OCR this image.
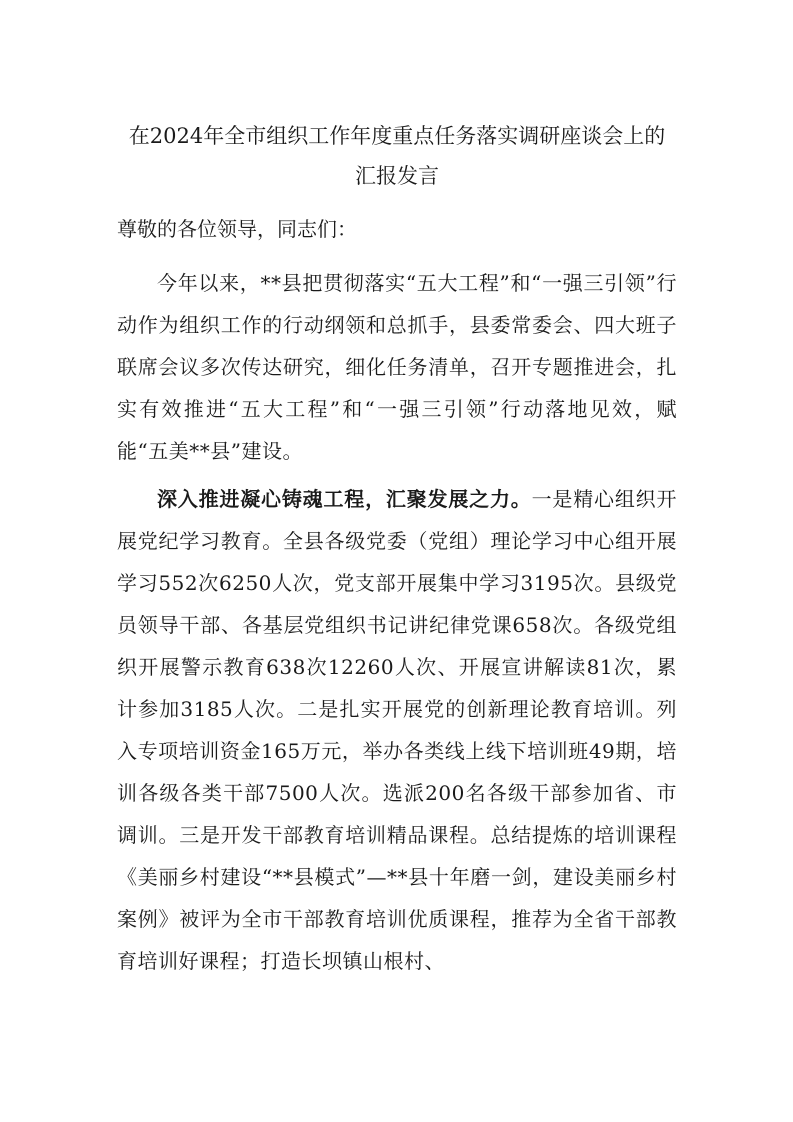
在2024年全市组织工作年度重点任务落实调研座谈会上的
汇报发言

尊敬的各位领导，同志们：

今年以来，**县把贯彻落实“五大工程”和“一强三引领”行动作为组织工作的行动纲领和总抓手，县委常委会、四大班子联席会议多次传达研究，细化任务清单，召开专题推进会，扎实有效推进“五大工程”和“一强三引领”行动落地见效，赋能“五美**县”建设。

深入推进凝心铸魂工程，汇聚发展之力。一是精心组织开展党纪学习教育。全县各级党委（党组）理论学习中心组开展学习552次6250人次，党支部开展集中学习3195次。县级党员领导干部、各基层党组织书记讲纪律党课658次。各级党组织开展警示教育638次12260人次、开展宣讲解读81次，累计参加3185人次。二是扎实开展党的创新理论教育培训。列入专项培训资金165万元，举办各类线上线下培训班49期，培训各级各类干部7500人次。选派200名各级干部参加省、市调训。三是开发干部教育培训精品课程。总结提炼的培训课程《美丽乡村建设“**县模式”—**县十年磨一剑，建设美丽乡村案例》被评为全市干部教育培训优质课程，推荐为全省干部教育培训好课程；打造长坝镇山根村、
